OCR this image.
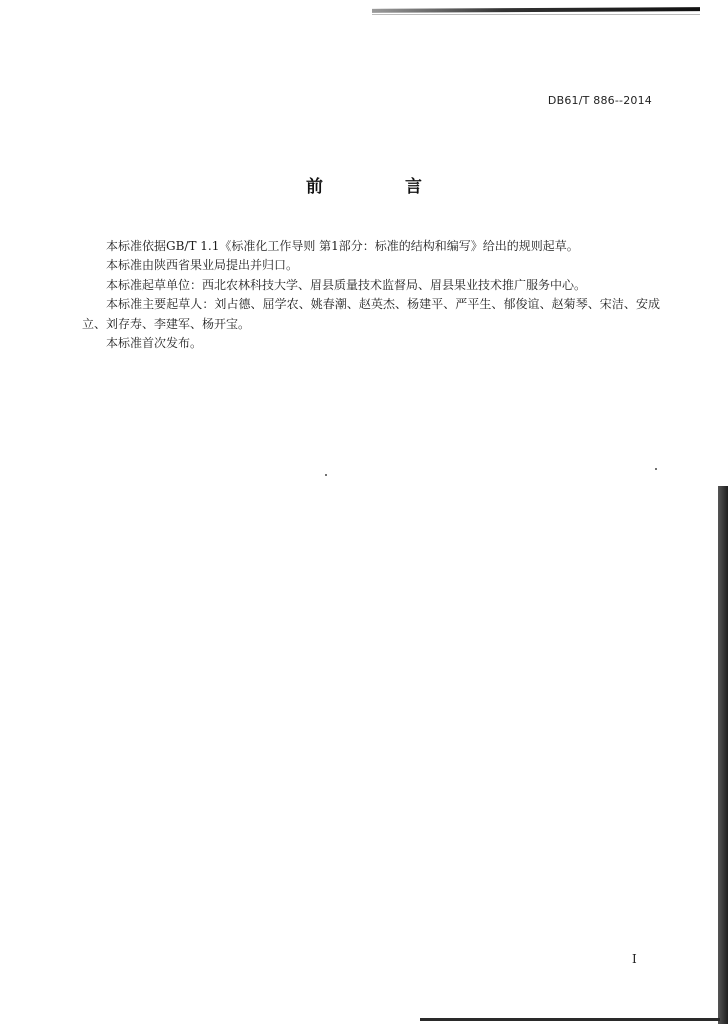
DB61/T 886--2014
前 言

本标准依据GB/T 1.1《标准化工作导则 第1部分：标准的结构和编写》给出的规则起草。

本标准由陕西省果业局提出并归口。

本标准起草单位：西北农林科技大学、眉县质量技术监督局、眉县果业技术推广服务中心。

本标准主要起草人：刘占德、屈学农、姚春潮、赵英杰、杨建平、严平生、郁俊谊、赵菊琴、宋洁、安成立、刘存寿、李建军、杨开宝。

本标准首次发布。

I
